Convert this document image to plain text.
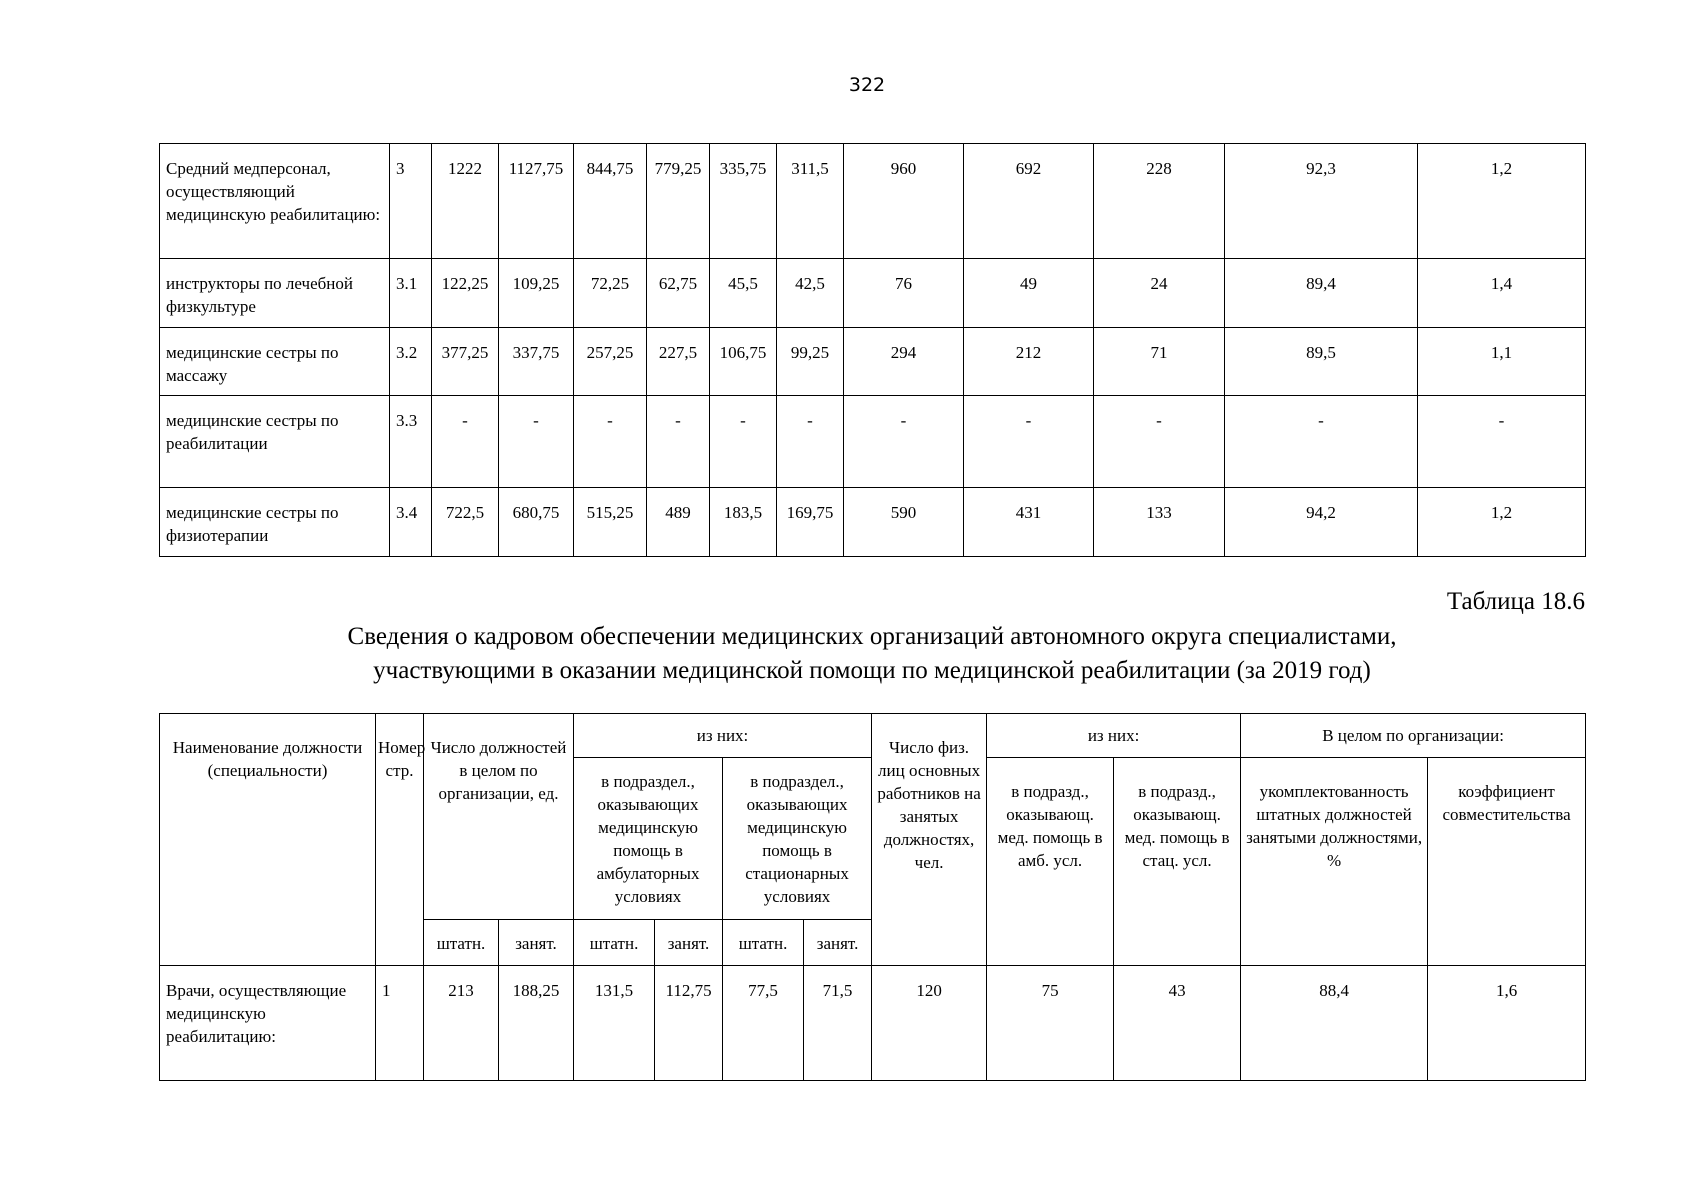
322
Средний медперсонал, осуществляющий медицинскую реабилитацию:	3	1222	1127,75	844,75	779,25	335,75	311,5	960	692	228	92,3	1,2
инструкторы по лечебной физкультуре	3.1	122,25	109,25	72,25	62,75	45,5	42,5	76	49	24	89,4	1,4
медицинские сестры по массажу	3.2	377,25	337,75	257,25	227,5	106,75	99,25	294	212	71	89,5	1,1
медицинские сестры по реабилитации	3.3	-	-	-	-	-	-	-	-	-	-	-
медицинские сестры по физиотерапии	3.4	722,5	680,75	515,25	489	183,5	169,75	590	431	133	94,2	1,2
Таблица 18.6
Сведения о кадровом обеспечении медицинских организаций автономного округа специалистами,
участвующими в оказании медицинской помощи по медицинской реабилитации (за 2019 год)
Наименование должности (специальности)	Номер стр.	Число должностей в целом по организации, ед.		из них:				Число физ. лиц основных работников на занятых должностях, чел.	из них:		В целом по организации:	
				в подраздел., оказывающих медицинскую помощь в амбулаторных условиях		в подраздел., оказывающих медицинскую помощь в стационарных условиях			в подразд., оказывающ. мед. помощь в амб. усл.	в подразд., оказывающ. мед. помощь в стац. усл.	укомплектованность штатных должностей занятыми должностями, %	коэффициент совместительства
		штатн.	занят.	штатн.	занят.	штатн.	занят.					
Врачи, осуществляющие медицинскую реабилитацию:	1	213	188,25	131,5	112,75	77,5	71,5	120	75	43	88,4	1,6
